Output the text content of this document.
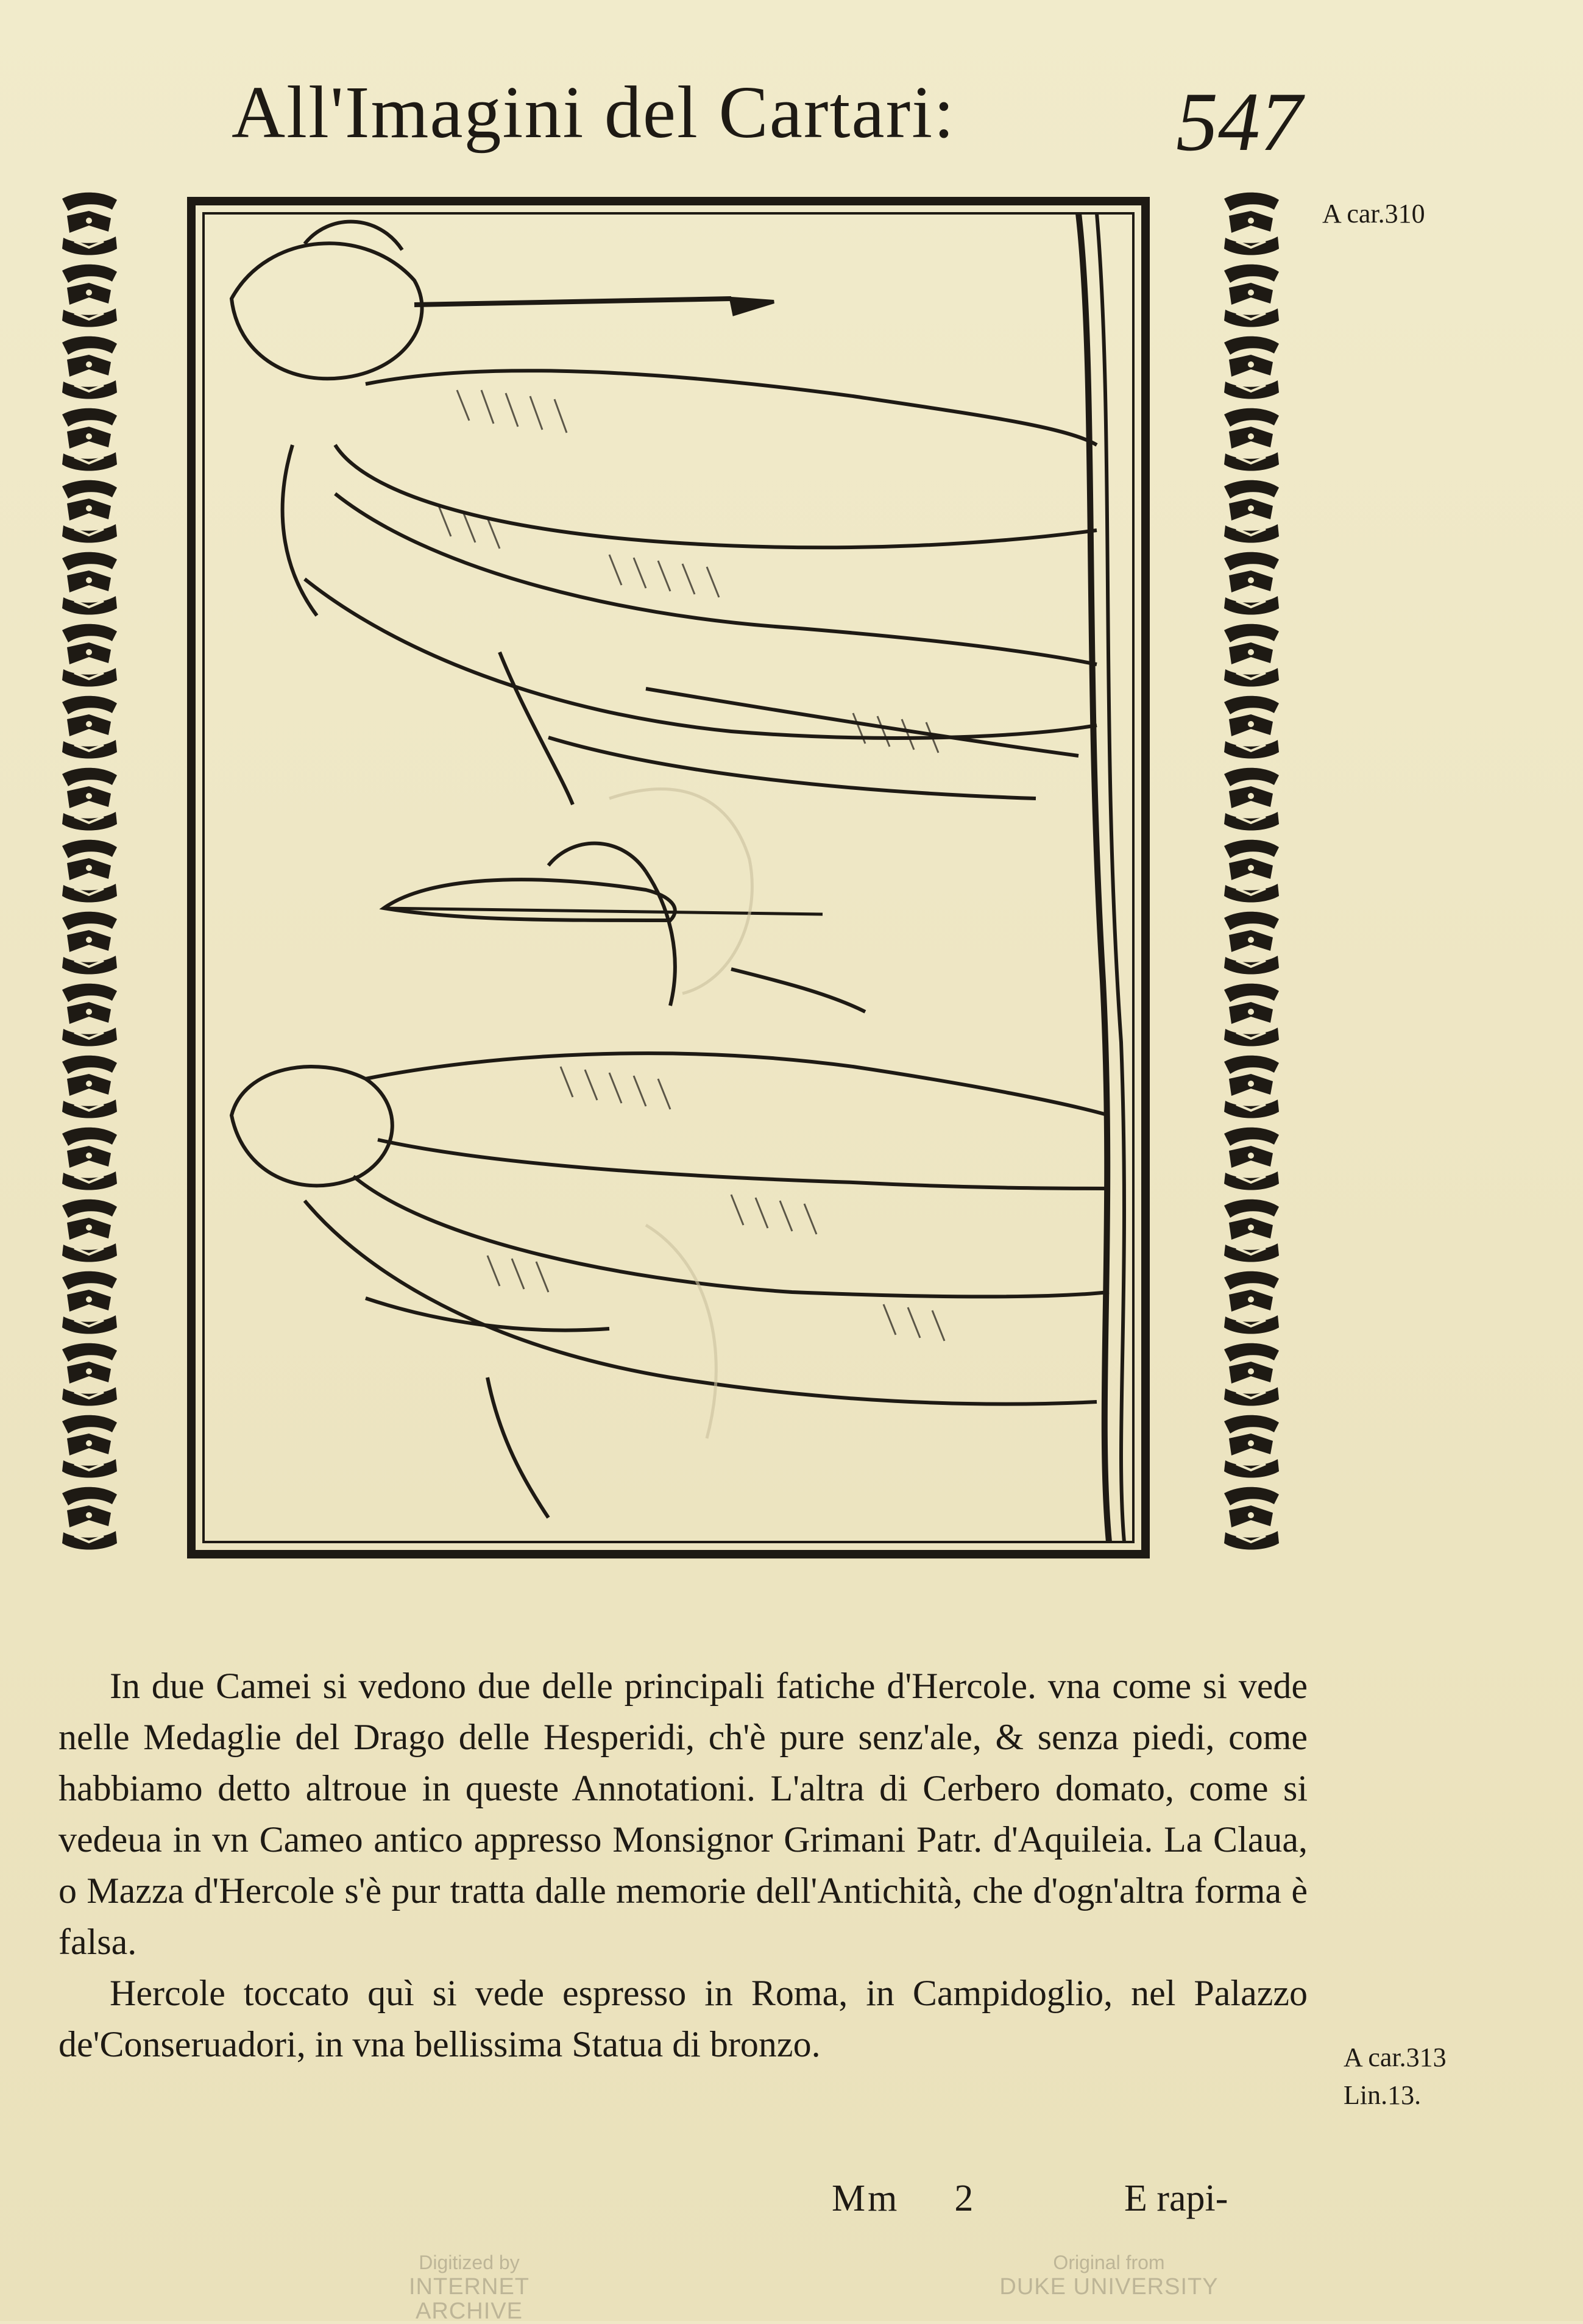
All'Imagini del Cartari:	547
A car.310

In due Camei si vedono due delle principali fatiche d'Hercole. vna come si vede nelle Medaglie del Drago delle Hesperidi, ch'è pure senz'ale, & senza piedi, come habbiamo detto altroue in queste Annotationi. L'altra di Cerbero domato, come si vedeua in vn Cameo antico appresso Monsignor Grimani Patr. d'Aquileia. La Claua, o Mazza d'Hercole s'è pur tratta dalle memorie dell'Antichità, che d'ogn'altra forma è falsa.

Hercole toccato quì si vede espresso in Roma, in Campidoglio, nel Palazzo de'Conseruadori, in vna bellissima Statua di bronzo.	A car.313
Lin.13.
Mm 2	E rapi-
Digitized by
INTERNET ARCHIVE
Original from
DUKE UNIVERSITY
